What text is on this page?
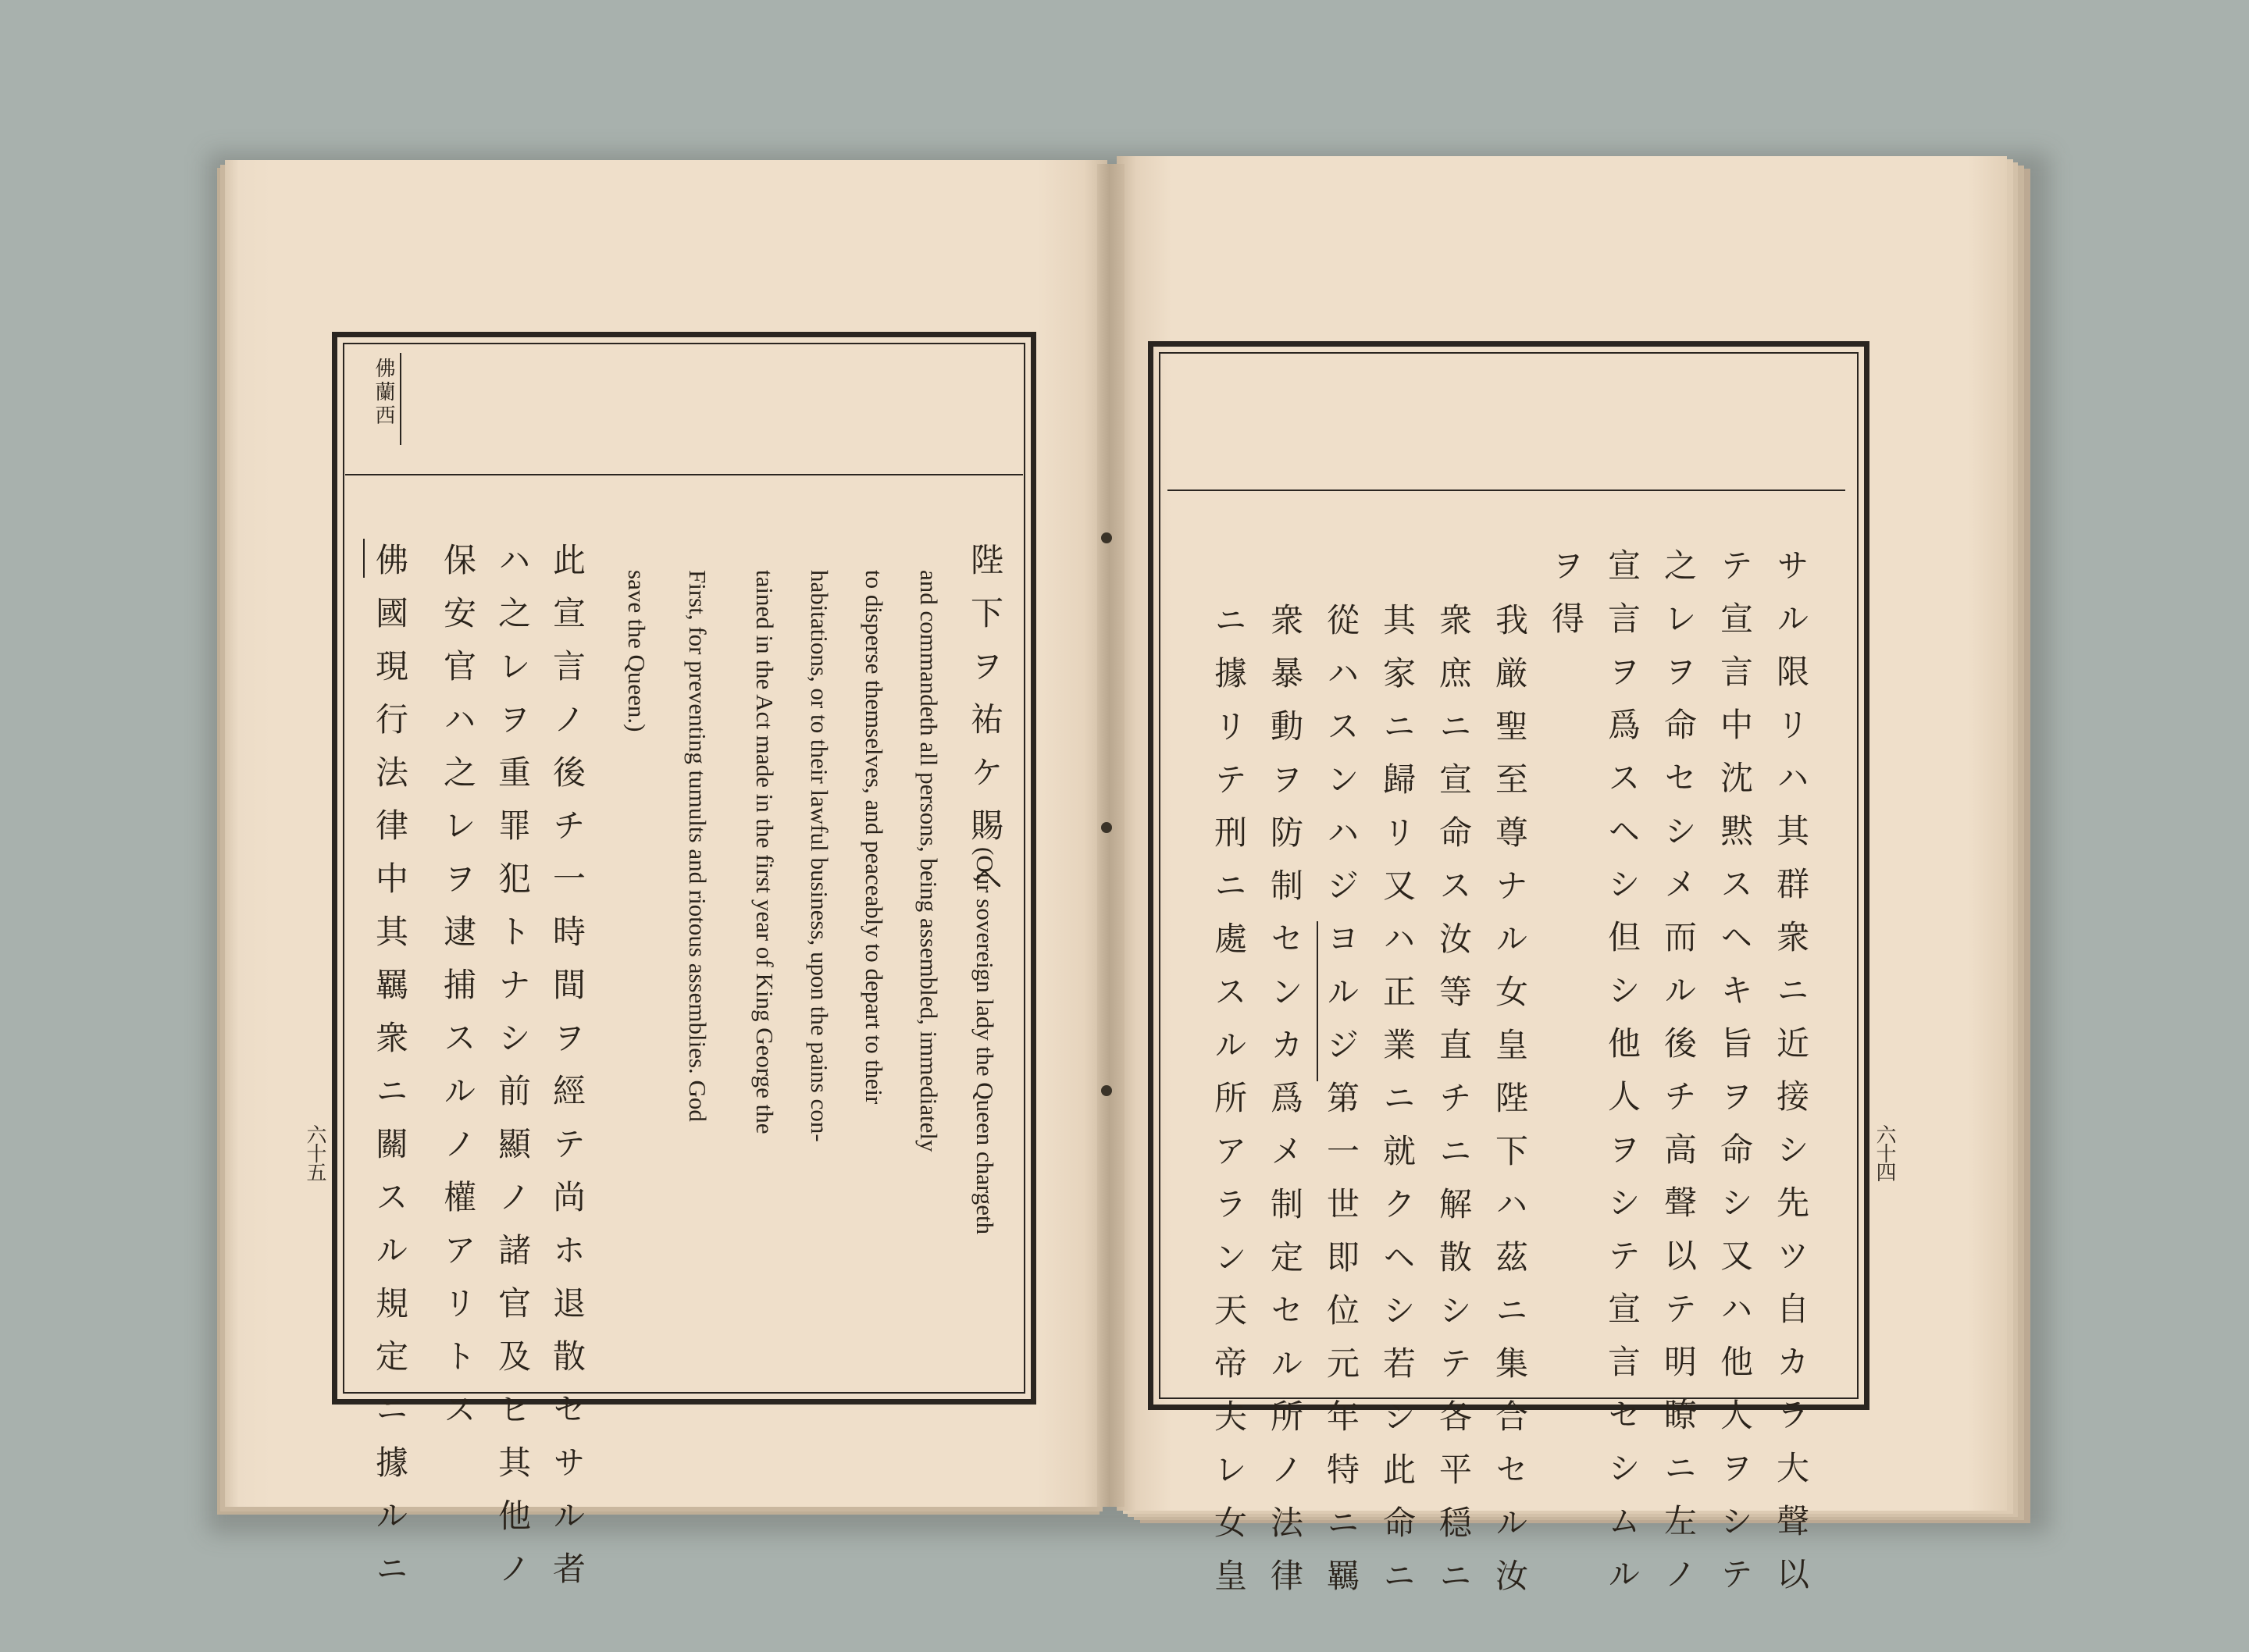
佛蘭西
陛下ヲ祐ケ賜ヘ
(Our sovereign lady the Queen chargeth
and commandeth all persons, being assembled, immediately
to disperse themselves, and peaceably to depart to their
habitations, or to their lawful business, upon the pains con-
tained in the Act made in the first year of King George the
First, for preventing tumults and riotous assemblies. God
save the Queen.)
此宣言ノ後チ一時間ヲ經テ尚ホ退散セサル者
ハ之レヲ重罪犯トナシ前顯ノ諸官及ヒ其他ノ
保安官ハ之レヲ逮捕スルノ權アリトス
佛國現行法律中其羈衆ニ關スル規定ニ據ルニ
六十五	サル限リハ其群衆ニ近接シ先ツ自カラ大聲以
テ宣言中沈黙スヘキ旨ヲ命シ又ハ他人ヲシテ
之レヲ命セシメ而ル後チ高聲以テ明瞭ニ左ノ
宣言ヲ爲スヘシ但シ他人ヲシテ宣言セシムル
ヲ得
我厳聖至尊ナル女皇陛下ハ茲ニ集合セル汝
衆庶ニ宣命ス汝等直チニ解散シテ各平穏ニ
其家ニ歸リ又ハ正業ニ就クヘシ若シ此命ニ
從ハスンハジヨルジ第一世即位元年特ニ羈
衆暴動ヲ防制センカ爲メ制定セル所ノ法律
ニ據リテ刑ニ處スル所アラン天帝夫レ女皇	六十四
